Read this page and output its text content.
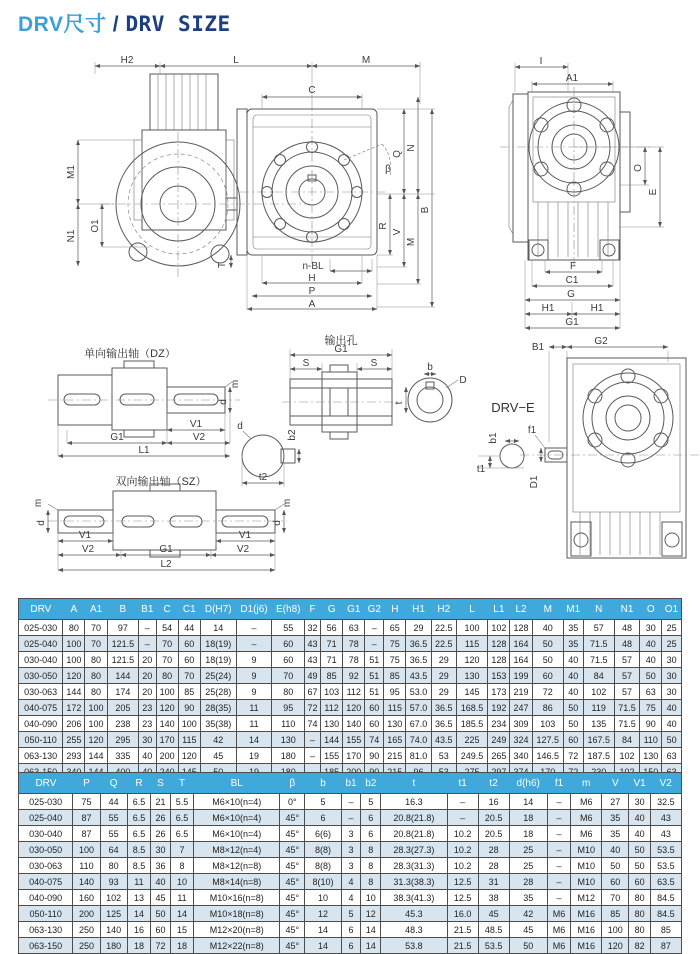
DRV尺寸 / DRV SIZE
H2	L	M
C
M1
O1
N1
β
R
Q
V
N
M
B
T	n-BL
H
P
A
I
A1
O
E
F
C1
G
H1	H1
G1
单向输出轴（DZ）
m
d
V1
G1	V2
L1
输出孔
G1
S	S	b
D
t
d
b2
t2
B1
G2
DRV−E
f1
b1
t1
D1
双向输出轴（SZ）
m	m
d	d
V1	V1
V2	G1	V2
L2
DRV	A	A1	B	B1	C	C1	D(H7)	D1(j6)	E(h8)	F	G	G1	G2	H	H1	H2	L	L1	L2	M	M1	N	N1	O	O1
025-030	80	70	97	–	54	44	14	–	55	32	56	63	–	65	29	22.5	100	102	128	40	35	57	48	30	25
025-040	100	70	121.5	–	70	60	18(19)	–	60	43	71	78	–	75	36.5	22.5	115	128	164	50	35	71.5	48	40	25
030-040	100	80	121.5	20	70	60	18(19)	9	60	43	71	78	51	75	36.5	29	120	128	164	50	40	71.5	57	40	30
030-050	120	80	144	20	80	70	25(24)	9	70	49	85	92	51	85	43.5	29	130	153	199	60	40	84	57	50	30
030-063	144	80	174	20	100	85	25(28)	9	80	67	103	112	51	95	53.0	29	145	173	219	72	40	102	57	63	30
040-075	172	100	205	23	120	90	28(35)	11	95	72	112	120	60	115	57.0	36.5	168.5	192	247	86	50	119	71.5	75	40
040-090	206	100	238	23	140	100	35(38)	11	110	74	130	140	60	130	67.0	36.5	185.5	234	309	103	50	135	71.5	90	40
050-110	255	120	295	30	170	115	42	14	130	–	144	155	74	165	74.0	43.5	225	249	324	127.5	60	167.5	84	110	50
063-130	293	144	335	40	200	120	45	19	180	–	155	170	90	215	81.0	53	249.5	265	340	146.5	72	187.5	102	130	63

DRV	P	Q	R	S	T	BL	β	b	b1	b2	t	t1	t2	d(h6)	f1	m	V	V1	V2
025-030	75	44	6.5	21	5.5	M6×10(n=4)	0°	5	–	5	16.3	–	16	14	–	M6	27	30	32.5
025-040	87	55	6.5	26	6.5	M6×10(n=4)	45°	6	–	6	20.8(21.8)	–	20.5	18	–	M6	35	40	43
030-040	87	55	6.5	26	6.5	M6×10(n=4)	45°	6(6)	3	6	20.8(21.8)	10.2	20.5	18	–	M6	35	40	43
030-050	100	64	8.5	30	7	M8×12(n=4)	45°	8(8)	3	8	28.3(27.3)	10.2	28	25	–	M10	40	50	53.5
030-063	110	80	8.5	36	8	M8×12(n=8)	45°	8(8)	3	8	28.3(31.3)	10.2	28	25	–	M10	50	50	53.5
040-075	140	93	11	40	10	M8×14(n=8)	45°	8(10)	4	8	31.3(38.3)	12.5	31	28	–	M10	60	60	63.5
040-090	160	102	13	45	11	M10×16(n=8)	45°	10	4	10	38.3(41.3)	12.5	38	35	–	M12	70	80	84.5
050-110	200	125	14	50	14	M10×18(n=8)	45°	12	5	12	45.3	16.0	45	42	M6	M16	85	80	84.5
063-130	250	140	16	60	15	M12×20(n=8)	45°	14	6	14	48.3	21.5	48.5	45	M6	M16	100	80	85
063-150	250	180	18	72	18	M12×22(n=8)	45°	14	6	14	53.8	21.5	53.5	50	M6	M16	120	82	87
